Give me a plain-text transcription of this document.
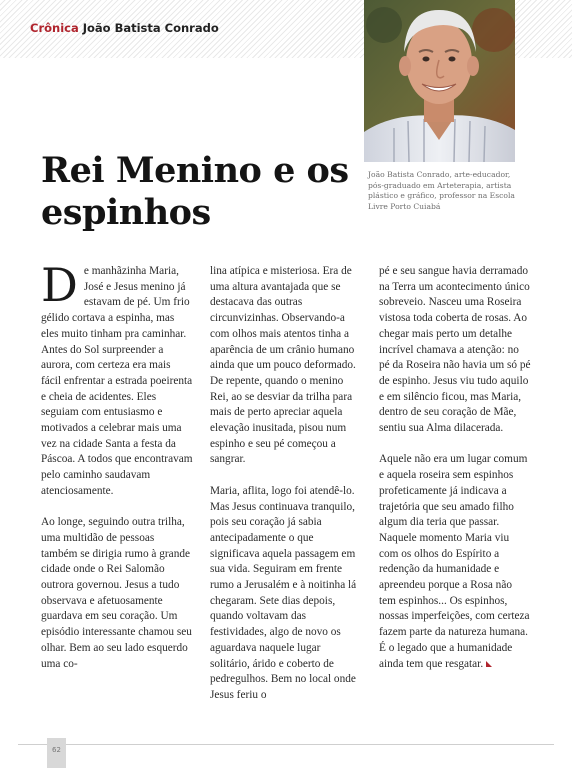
Crônica João Batista Conrado
Rei Menino e os espinhos
João Batista Conrado, arte-educador, pós-graduado em Arteterapia, artista plástico e gráfico, professor na Escola Livre Porto Cuiabá

De manhãzinha Maria, José e Jesus menino já estavam de pé. Um frio gélido cortava a espinha, mas eles muito tinham pra caminhar. Antes do Sol surpreender a aurora, com certeza era mais fácil enfrentar a estrada poeirenta e cheia de acidentes. Eles seguiam com entusiasmo e motivados a celebrar mais uma vez na cidade Santa a festa da Páscoa. A todos que encontravam pelo caminho saudavam atenciosamente.

Ao longe, seguindo outra trilha, uma multidão de pessoas também se dirigia rumo à grande cidade onde o Rei Salomão outrora governou. Jesus a tudo observava e afetuosamente guardava em seu coração. Um episódio interessante chamou seu olhar. Bem ao seu lado esquerdo uma co-

lina atípica e misteriosa. Era de uma altura avantajada que se destacava das outras circunvizinhas. Observando-a com olhos mais atentos tinha a aparência de um crânio humano ainda que um pouco deformado. De repente, quando o menino Rei, ao se desviar da trilha para mais de perto apreciar aquela elevação inusitada, pisou num espinho e seu pé começou a sangrar.

Maria, aflita, logo foi atendê-lo. Mas Jesus continuava tranquilo, pois seu coração já sabia antecipadamente o que significava aquela passagem em sua vida. Seguiram em frente rumo a Jerusalém e à noitinha lá chegaram. Sete dias depois, quando voltavam das festividades, algo de novo os aguardava naquele lugar solitário, árido e coberto de pedregulhos. Bem no local onde Jesus feriu o

pé e seu sangue havia derramado na Terra um acontecimento único sobreveio. Nasceu uma Roseira vistosa toda coberta de rosas. Ao chegar mais perto um detalhe incrível chamava a atenção: no pé da Roseira não havia um só pé de espinho. Jesus viu tudo aquilo e em silêncio ficou, mas Maria, dentro de seu coração de Mãe, sentiu sua Alma dilacerada.

Aquele não era um lugar comum e aquela roseira sem espinhos profeticamente já indicava a trajetória que seu amado filho algum dia teria que passar. Naquele momento Maria viu com os olhos do Espírito a redenção da humanidade e apreendeu porque a Rosa não tem espinhos... Os espinhos, nossas imperfeições, com certeza fazem parte da natureza humana. É o legado que a humanidade ainda tem que resgatar.

62
